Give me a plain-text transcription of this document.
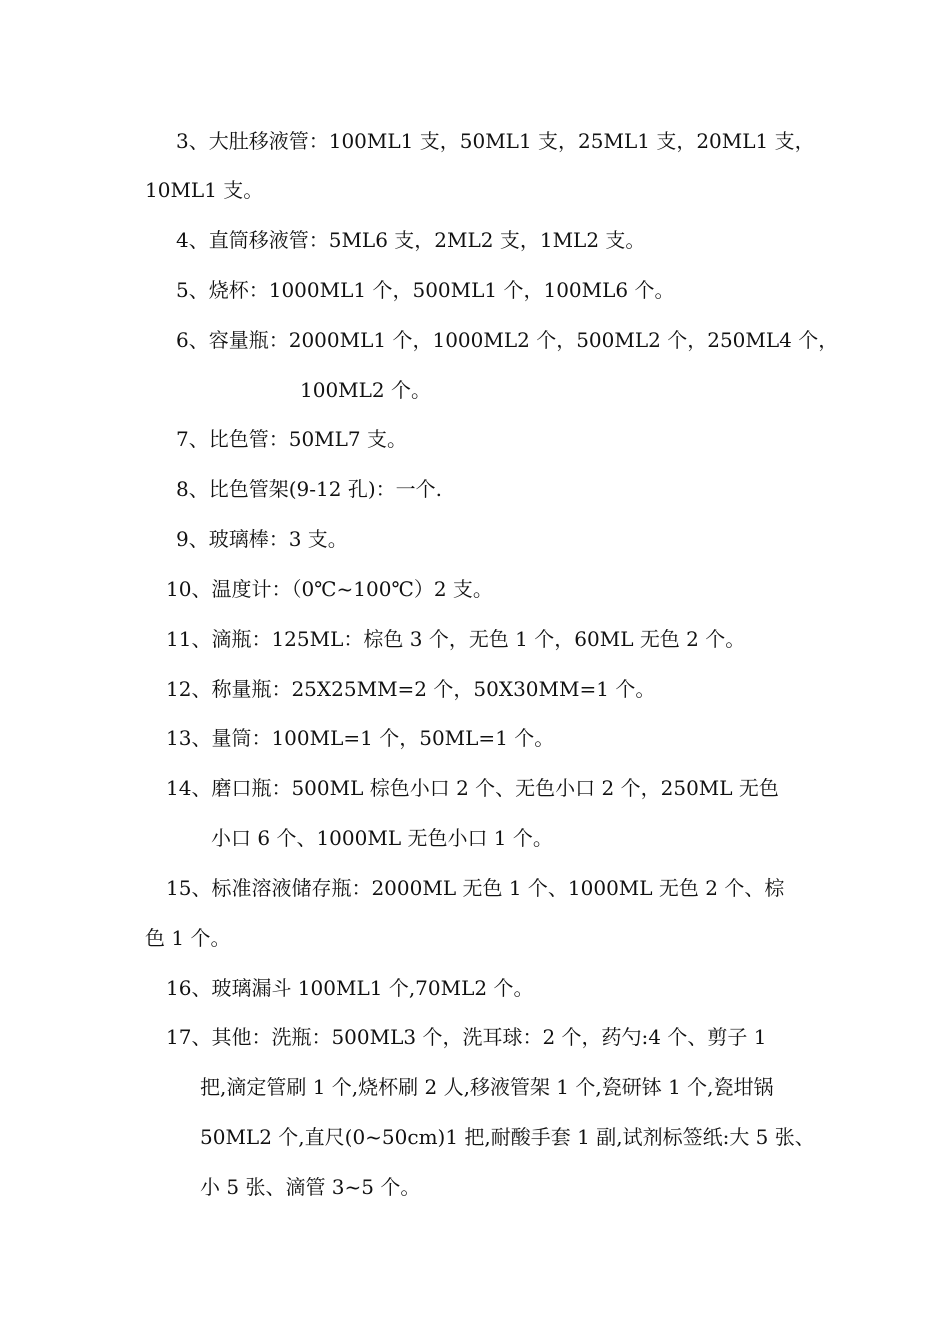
3、大肚移液管：100ML1 支，50ML1 支，25ML1 支，20ML1 支，
10ML1 支。
4、直筒移液管：5ML6 支，2ML2 支，1ML2 支。
5、烧杯：1000ML1 个，500ML1 个，100ML6 个。
6、容量瓶：2000ML1 个，1000ML2 个，500ML2 个，250ML4 个，
100ML2 个。
7、比色管：50ML7 支。
8、比色管架(9-12 孔)：一个.
9、玻璃棒：3 支。
10、温度计：（0℃~100℃）2 支。
11、滴瓶：125ML：棕色 3 个，无色 1 个，60ML 无色 2 个。
12、称量瓶：25X25MM=2 个，50X30MM=1 个。
13、量筒：100ML=1 个，50ML=1 个。
14、磨口瓶：500ML 棕色小口 2 个、无色小口 2 个，250ML 无色
小口 6 个、1000ML 无色小口 1 个。
15、标准溶液储存瓶：2000ML 无色 1 个、1000ML 无色 2 个、棕
色 1 个。
16、玻璃漏斗 100ML1 个,70ML2 个。
17、其他：洗瓶：500ML3 个，洗耳球：2 个，药勺:4 个、剪子 1
把,滴定管刷 1 个,烧杯刷 2 人,移液管架 1 个,瓷研钵 1 个,瓷坩锅
50ML2 个,直尺(0~50cm)1 把,耐酸手套 1 副,试剂标签纸:大 5 张、
小 5 张、滴管 3~5 个。
